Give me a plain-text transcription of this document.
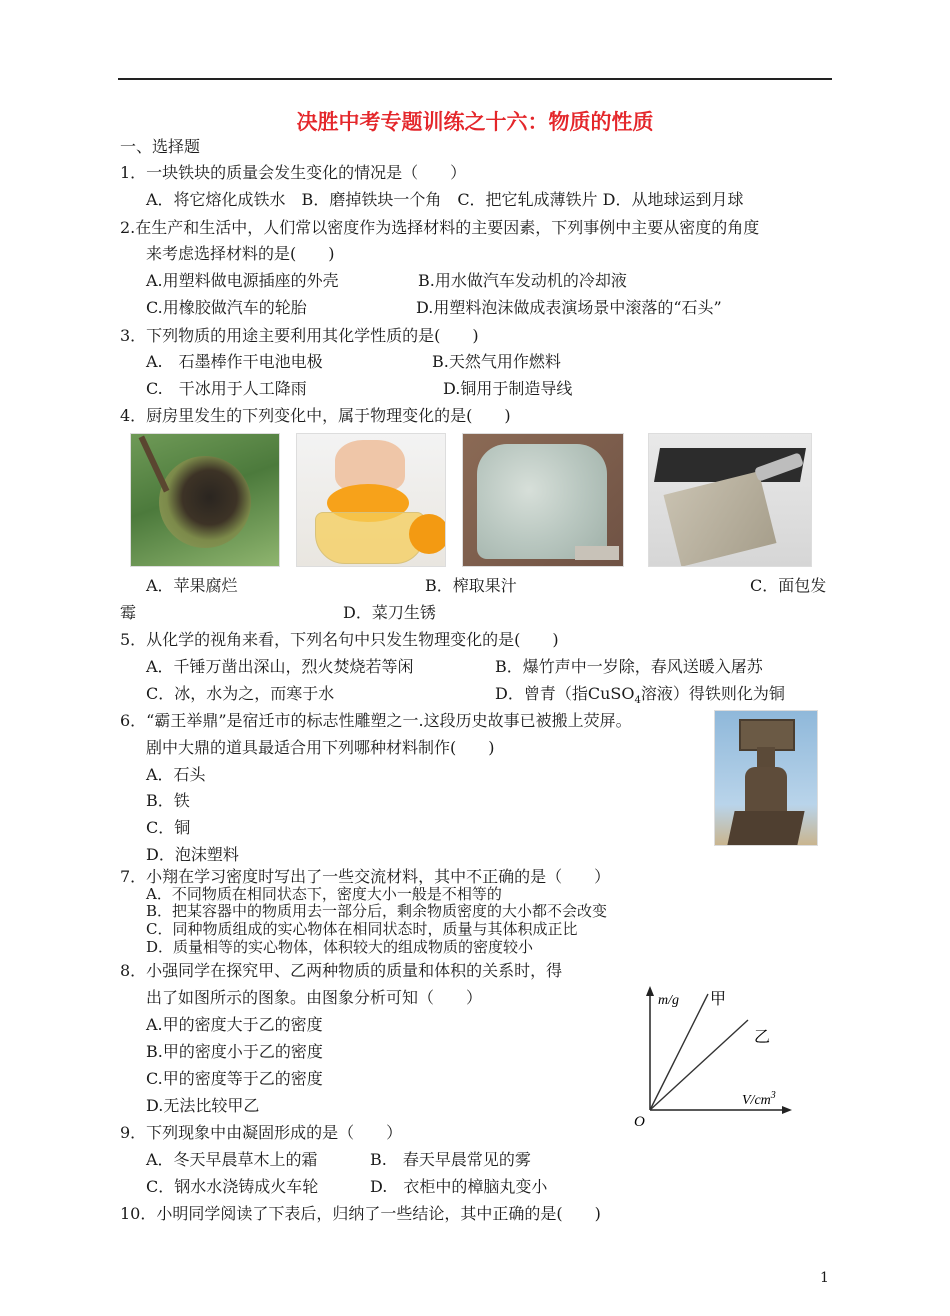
决胜中考专题训练之十六：物质的性质
一、选择题
1．一块铁块的质量会发生变化的情况是（　　）
A．将它熔化成铁水　B．磨掉铁块一个角　C．把它轧成薄铁片 D．从地球运到月球
2.在生产和生活中，人们常以密度作为选择材料的主要因素，下列事例中主要从密度的角度
来考虑选择材料的是(　　)
A.用塑料做电源插座的外壳	B.用水做汽车发动机的冷却液
C.用橡胶做汽车的轮胎	D.用塑料泡沫做成表演场景中滚落的“石头”
3．下列物质的用途主要利用其化学性质的是(　　)
A.　石墨棒作干电池电极	B.天然气用作燃料
C.　干冰用于人工降雨	D.铜用于制造导线
4．厨房里发生的下列变化中，属于物理变化的是(　　)
A．苹果腐烂	B．榨取果汁	C．面包发
霉	D．菜刀生锈
5．从化学的视角来看，下列名句中只发生物理变化的是(　　)
A．千锤万凿出深山，烈火焚烧若等闲	B．爆竹声中一岁除，春风送暖入屠苏
C．冰，水为之，而寒于水	D．曾青（指CuSO$_4$溶液）得铁则化为铜
6．“霸王举鼎”是宿迁市的标志性雕塑之一.这段历史故事已被搬上荧屏。
剧中大鼎的道具最适合用下列哪种材料制作(　　)
A．石头
B．铁
C．铜
D．泡沫塑料
7．小翔在学习密度时写出了一些交流材料，其中不正确的是（　　）
A．不同物质在相同状态下，密度大小一般是不相等的
B．把某容器中的物质用去一部分后，剩余物质密度的大小都不会改变
C．同种物质组成的实心物体在相同状态时，质量与其体积成正比
D．质量相等的实心物体，体积较大的组成物质的密度较小
8．小强同学在探究甲、乙两种物质的质量和体积的关系时，得
出了如图所示的图象。由图象分析可知（　　）
A.甲的密度大于乙的密度
B.甲的密度小于乙的密度
C.甲的密度等于乙的密度
D.无法比较甲乙
m/g 甲
乙
$V/cm^3$
O
9．下列现象中由凝固形成的是（　　）
A．冬天早晨草木上的霜	B.　春天早晨常见的雾
C．钢水水浇铸成火车轮	D.　衣柜中的樟脑丸变小
10．小明同学阅读了下表后，归纳了一些结论，其中正确的是(　　)
1
